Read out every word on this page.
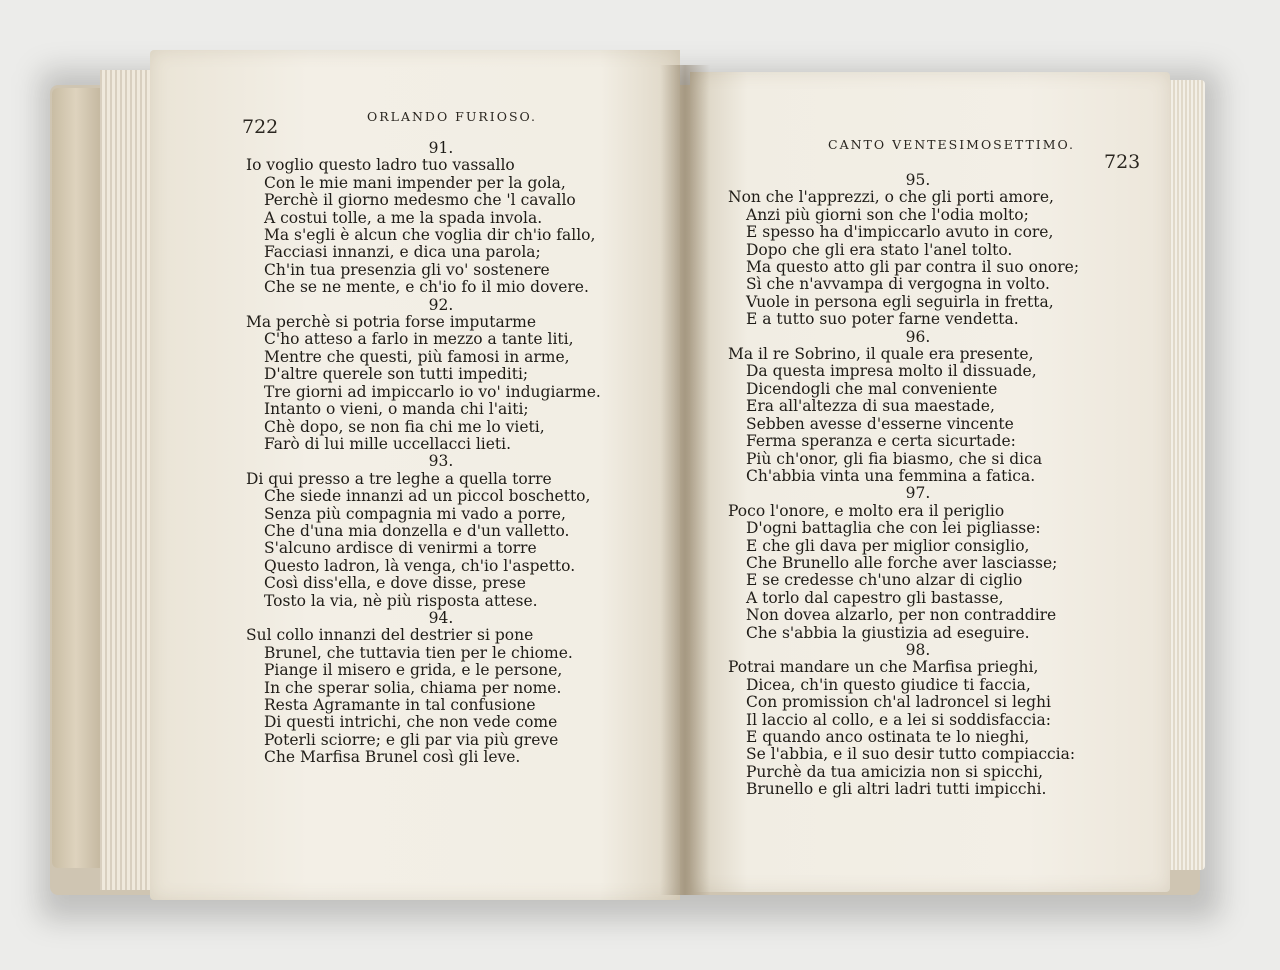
722	ORLANDO FURIOSO.
CANTO VENTESIMOSETTIMO.
723
91.
Io voglio questo ladro tuo vassallo
Con le mie mani impender per la gola,
Perchè il giorno medesmo che 'l cavallo
A costui tolle, a me la spada invola.
Ma s'egli è alcun che voglia dir ch'io fallo,
Facciasi innanzi, e dica una parola;
Ch'in tua presenzia gli vo' sostenere
Che se ne mente, e ch'io fo il mio dovere.
92.
Ma perchè si potria forse imputarme
C'ho atteso a farlo in mezzo a tante liti,
Mentre che questi, più famosi in arme,
D'altre querele son tutti impediti;
Tre giorni ad impiccarlo io vo' indugiarme.
Intanto o vieni, o manda chi l'aiti;
Chè dopo, se non fia chi me lo vieti,
Farò di lui mille uccellacci lieti.
93.
Di qui presso a tre leghe a quella torre
Che siede innanzi ad un piccol boschetto,
Senza più compagnia mi vado a porre,
Che d'una mia donzella e d'un valletto.
S'alcuno ardisce di venirmi a torre
Questo ladron, là venga, ch'io l'aspetto.
Così diss'ella, e dove disse, prese
Tosto la via, nè più risposta attese.
94.
Sul collo innanzi del destrier si pone
Brunel, che tuttavia tien per le chiome.
Piange il misero e grida, e le persone,
In che sperar solia, chiama per nome.
Resta Agramante in tal confusione
Di questi intrichi, che non vede come
Poterli sciorre; e gli par via più greve
Che Marfisa Brunel così gli leve.
95.
Non che l'apprezzi, o che gli porti amore,
Anzi più giorni son che l'odia molto;
E spesso ha d'impiccarlo avuto in core,
Dopo che gli era stato l'anel tolto.
Ma questo atto gli par contra il suo onore;
Sì che n'avvampa di vergogna in volto.
Vuole in persona egli seguirla in fretta,
E a tutto suo poter farne vendetta.
96.
Ma il re Sobrino, il quale era presente,
Da questa impresa molto il dissuade,
Dicendogli che mal conveniente
Era all'altezza di sua maestade,
Sebben avesse d'esserne vincente
Ferma speranza e certa sicurtade:
Più ch'onor, gli fia biasmo, che si dica
Ch'abbia vinta una femmina a fatica.
97.
Poco l'onore, e molto era il periglio
D'ogni battaglia che con lei pigliasse:
E che gli dava per miglior consiglio,
Che Brunello alle forche aver lasciasse;
E se credesse ch'uno alzar di ciglio
A torlo dal capestro gli bastasse,
Non dovea alzarlo, per non contraddire
Che s'abbia la giustizia ad eseguire.
98.
Potrai mandare un che Marfisa prieghi,
Dicea, ch'in questo giudice ti faccia,
Con promission ch'al ladroncel si leghi
Il laccio al collo, e a lei si soddisfaccia:
E quando anco ostinata te lo nieghi,
Se l'abbia, e il suo desir tutto compiaccia:
Purchè da tua amicizia non si spicchi,
Brunello e gli altri ladri tutti impicchi.
